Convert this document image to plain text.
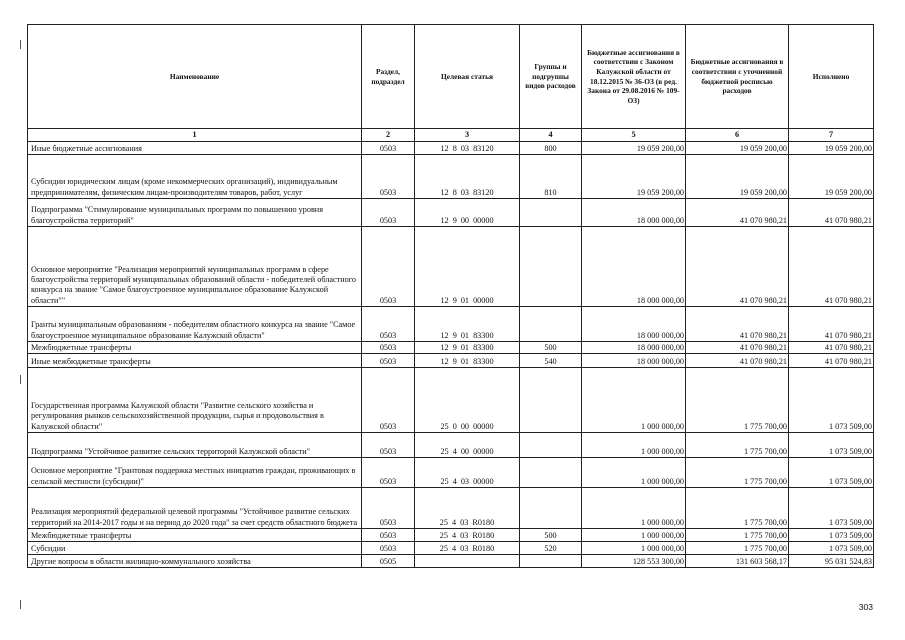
Наименование	Раздел, подраздел	Целевая статья	Группы и подгруппы видов расходов	Бюджетные ассигнования в соответствии с Законом Калужской области от 18.12.2015 № 36-ОЗ (в ред. Закона от 29.08.2016 № 109-ОЗ)	Бюджетные ассигнования в соответствии с уточненной бюджетной росписью расходов	Исполнено
1	2	3	4	5	6	7
Иные бюджетные ассигнования	0503	12 8 03 83120	800	19 059 200,00	19 059 200,00	19 059 200,00
Субсидии юридическим лицам (кроме некоммерческих организаций), индивидуальным предпринимателям, физическим лицам-производителям товаров, работ, услуг	0503	12 8 03 83120	810	19 059 200,00	19 059 200,00	19 059 200,00
Подпрограмма "Стимулирование муниципальных программ по повышению уровня благоустройства территорий"	0503	12 9 00 00000		18 000 000,00	41 070 980,21	41 070 980,21
Основное мероприятие "Реализация мероприятий муниципальных программ в сфере благоустройства территорий муниципальных образований области - победителей областного конкурса на звание "Самое благоустроенное муниципальное образование Калужской области""	0503	12 9 01 00000		18 000 000,00	41 070 980,21	41 070 980,21
Гранты муниципальным образованиям - победителям областного конкурса на звание "Самое благоустроенное муниципальное образование Калужской области"	0503	12 9 01 83300		18 000 000,00	41 070 980,21	41 070 980,21
Межбюджетные трансферты	0503	12 9 01 83300	500	18 000 000,00	41 070 980,21	41 070 980,21
Иные межбюджетные трансферты	0503	12 9 01 83300	540	18 000 000,00	41 070 980,21	41 070 980,21
Государственная программа Калужской области "Развитие сельского хозяйства и регулирования рынков сельскохозяйственной продукции, сырья и продовольствия в Калужской области"	0503	25 0 00 00000		1 000 000,00	1 775 700,00	1 073 509,00
Подпрограмма "Устойчивое развитие сельских территорий Калужской области"	0503	25 4 00 00000		1 000 000,00	1 775 700,00	1 073 509,00
Основное мероприятие "Грантовая поддержка местных инициатив граждан, проживающих в сельской местности (субсидии)"	0503	25 4 03 00000		1 000 000,00	1 775 700,00	1 073 509,00
Реализация мероприятий федеральной целевой программы "Устойчивое развитие сельских территорий на 2014-2017 годы и на период до 2020 года" за счет средств областного бюджета	0503	25 4 03 R0180		1 000 000,00	1 775 700,00	1 073 509,00
Межбюджетные трансферты	0503	25 4 03 R0180	500	1 000 000,00	1 775 700,00	1 073 509,00
Субсидии	0503	25 4 03 R0180	520	1 000 000,00	1 775 700,00	1 073 509,00
Другие вопросы в области жилищно-коммунального хозяйства	0505			128 553 300,00	131 603 568,17	95 031 524,83
303
